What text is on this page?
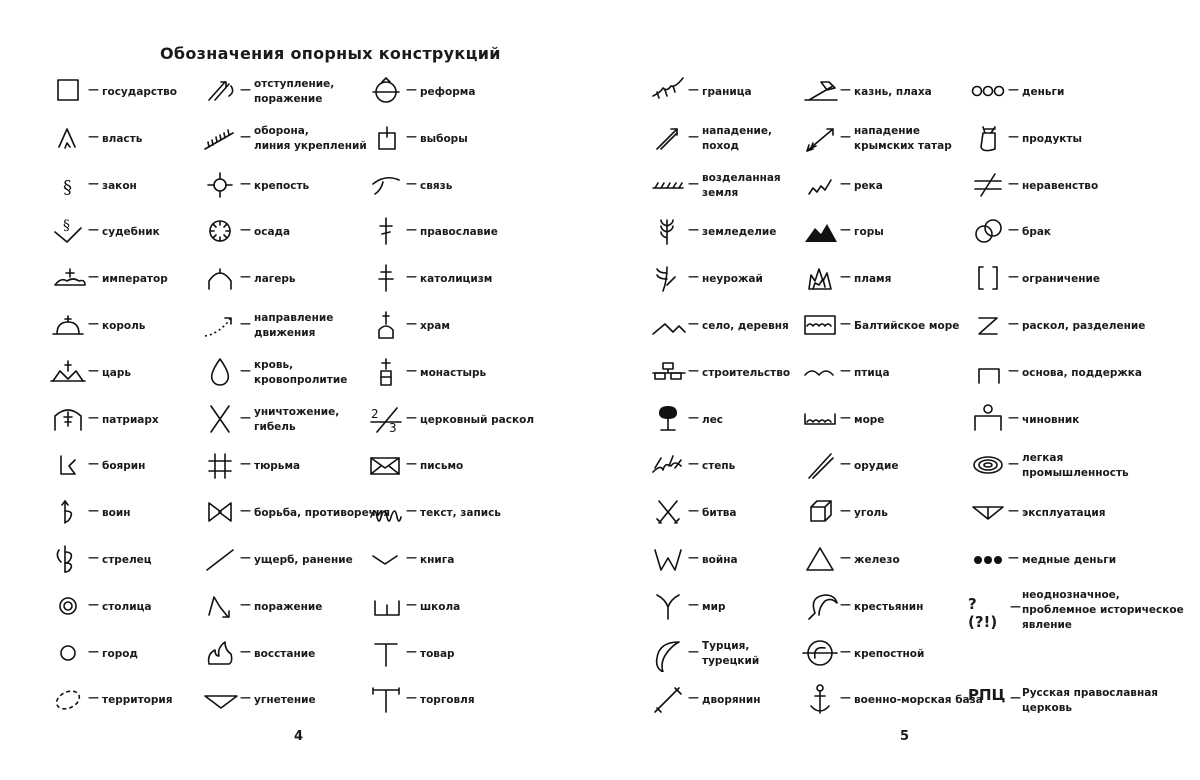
Обозначения опорных конструкций
— государство
— власть
§ — закон
§ — судебник
— император
— король
— царь
— патриарх
— боярин
— воин
— стрелец
— столица
— город
— территория
— отступление,
поражение
— оборона,
линия укреплений
— крепость
— осада
— лагерь
— направление
движения
— кровь,
кровопролитие
— уничтожение,
гибель
— тюрьма
— борьба, противоречия
— ущерб, ранение
— поражение
— восстание
— угнетение
— реформа
— выборы
— связь
— православие
— католицизм
— храм
— монастырь
2
3
— церковный раскол
— письмо
— текст, запись
— книга
— школа
— товар
— торговля
4
— граница
— нападение,
поход
— возделанная
земля
— земледелие
— неурожай
— село, деревня
— строительство
— лес
— степь
— битва
— война
— мир
— Турция,
турецкий
— дворянин
— казнь, плаха
— нападение
крымских татар
— река
— горы
— пламя
— Балтийское море
— птица
— море
— орудие
— уголь
— железо
— крестьянин
— крепостной
— военно-морская база
— деньги
— продукты
— неравенство
— брак
— ограничение
— раскол, разделение
— основа, поддержка
— чиновник
— легкая промышленность
— эксплуатация
— медные деньги
?(?!)
—
неоднозначное,
проблемное историческое
явление
РПЦ — Русская православная
церковь
5
